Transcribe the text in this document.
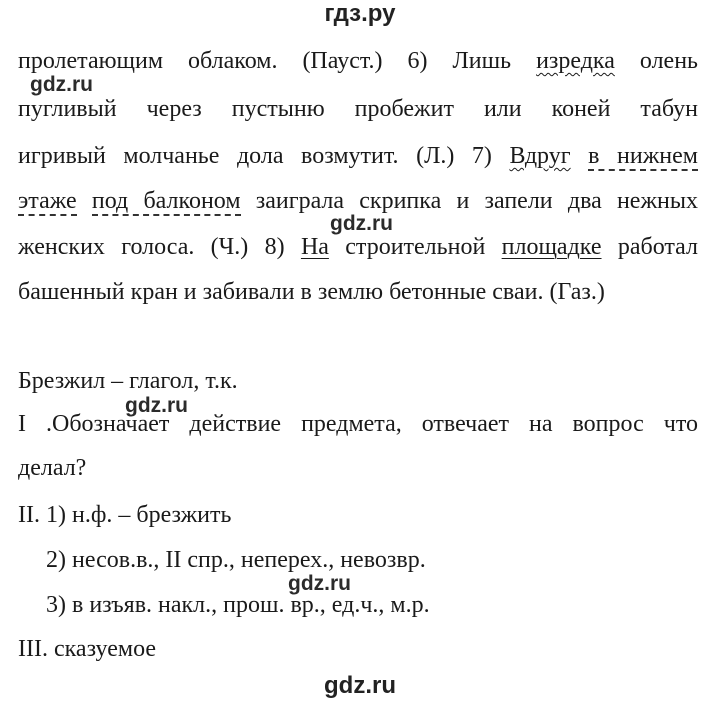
гдз.ру
пролетающим облаком. (Пауст.) 6) Лишь изредка олень
пугливый через пустыню пробежит или коней табун
игривый молчанье дола возмутит. (Л.) 7) Вдруг в нижнем
этаже под балконом заиграла скрипка и запели два нежных
женских голоса. (Ч.) 8) На строительной площадке работал
башенный кран и забивали в землю бетонные сваи. (Газ.)
Брезжил – глагол, т.к.
I .Обозначает действие предмета, отвечает на вопрос что
делал?
II. 1) н.ф. – брезжить
2) несов.в., II спр., неперех., невозвр.
3) в изъяв. накл., прош. вр., ед.ч., м.р.
III. сказуемое
gdz.ru
gdz.ru
gdz.ru
gdz.ru
gdz.ru
